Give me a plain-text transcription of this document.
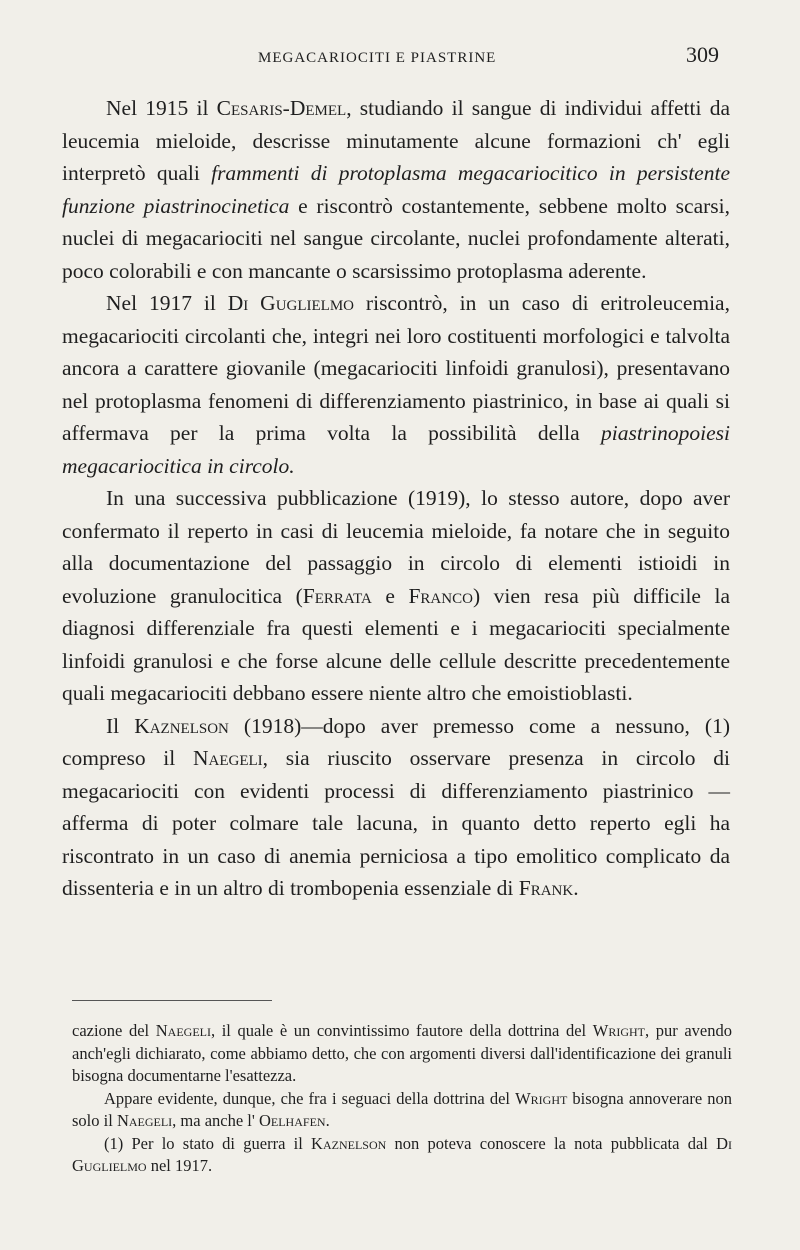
MEGACARIOCITI E PIASTRINE	309

Nel 1915 il Cesaris-Demel, studiando il sangue di individui affetti da leucemia mieloide, descrisse minutamente alcune formazioni ch' egli interpretò quali frammenti di protoplasma megacariocitico in persistente funzione piastrinocinetica e riscontrò costantemente, sebbene molto scarsi, nuclei di megacariociti nel sangue circolante, nuclei profondamente alterati, poco colorabili e con mancante o scarsissimo protoplasma aderente.

Nel 1917 il Di Guglielmo riscontrò, in un caso di eritroleucemia, megacariociti circolanti che, integri nei loro costituenti morfologici e talvolta ancora a carattere giovanile (megacariociti linfoidi granulosi), presentavano nel protoplasma fenomeni di differenziamento piastrinico, in base ai quali si affermava per la prima volta la possibilità della piastrinopoiesi megacariocitica in circolo.

In una successiva pubblicazione (1919), lo stesso autore, dopo aver confermato il reperto in casi di leucemia mieloide, fa notare che in seguito alla documentazione del passaggio in circolo di elementi istioidi in evoluzione granulocitica (Ferrata e Franco) vien resa più difficile la diagnosi differenziale fra questi elementi e i megacariociti specialmente linfoidi granulosi e che forse alcune delle cellule descritte precedentemente quali megacariociti debbano essere niente altro che emoistioblasti.

Il Kaznelson (1918)—dopo aver premesso come a nessuno, (1) compreso il Naegeli, sia riuscito osservare presenza in circolo di megacariociti con evidenti processi di differenziamento piastrinico — afferma di poter colmare tale lacuna, in quanto detto reperto egli ha riscontrato in un caso di anemia perniciosa a tipo emolitico complicato da dissenteria e in un altro di trombopenia essenziale di Frank.

cazione del Naegeli, il quale è un convintissimo fautore della dottrina del Wright, pur avendo anch'egli dichiarato, come abbiamo detto, che con argomenti diversi dall'identificazione dei granuli bisogna documentarne l'esattezza.

Appare evidente, dunque, che fra i seguaci della dottrina del Wright bisogna annoverare non solo il Naegeli, ma anche l' Oelhafen.

(1) Per lo stato di guerra il Kaznelson non poteva conoscere la nota pubblicata dal Di Guglielmo nel 1917.
